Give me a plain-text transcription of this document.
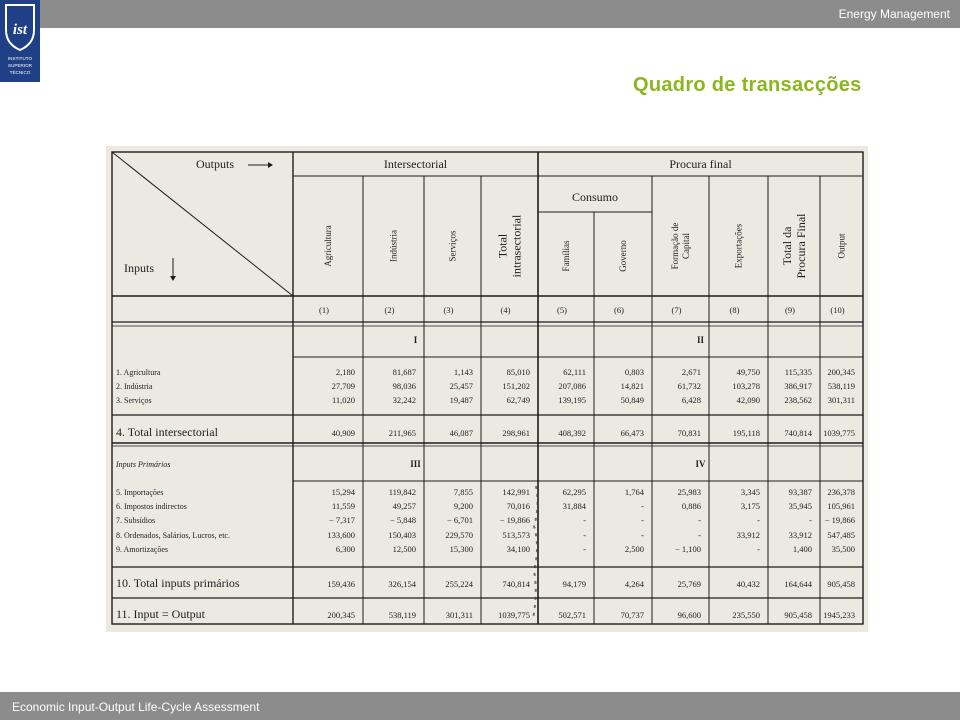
Energy Management
ist
INSTITUTO
SUPERIOR
TÉCNICO
Quadro de transacções
Outputs
Inputs
Intersectorial	Procura final
Consumo
Agricultura	Indústria	Serviços	Total intrasectorial	Famílias	Governo	Formação de Capital	Exportações	Total da Procura Final	Output
(1)	(2)	(3)	(4)	(5)	(6)	(7)	(8)	(9)	(10)
I	II
III	IV
1. Agricultura	2,180	81,687	1,143	85,010	62,111	0,803	2,671	49,750	115,335 200,345
2. Indústria	27,709	98,036	25,457	151,202	207,086	14,821	61,732	103,278	386,917 538,119
3. Serviços	11,020	32,242	19,487	62,749	139,195	50,849	6,428	42,090	238,562 301,311
4. Total intersectorial	40,909	211,965	46,087	298,961	408,392	66,473	70,831	195,118	740,814 1039,775
Inputs Primários
5. Importações	15,294	119,842	7,855	142,991	62,295	1,764	25,983	3,345	93,387 236,378
6. Impostos indirectos	11,559	49,257	9,200	70,016	31,884	-	0,886	3,175	35,945 105,961
7. Subsídios	− 7,317	− 5,848	− 6,701	− 19,866	-	-	-	-	- − 19,866
8. Ordenados, Salários, Lucros, etc.	133,600	150,403	229,570	513,573	-	-	-	33,912	33,912 547,485
9. Amortizações	6,300	12,500	15,300	34,100	-	2,500	− 1,100	-	1,400 35,500
10. Total inputs primários	159,436	326,154	255,224	740,814	94,179	4,264	25,769	40,432	164,644 905,458
11. Input = Output	200,345	538,119	301,311	1039,775	502,571	70,737	96,600	235,550	905,458 1945,233
Economic Input-Output Life-Cycle Assessment
